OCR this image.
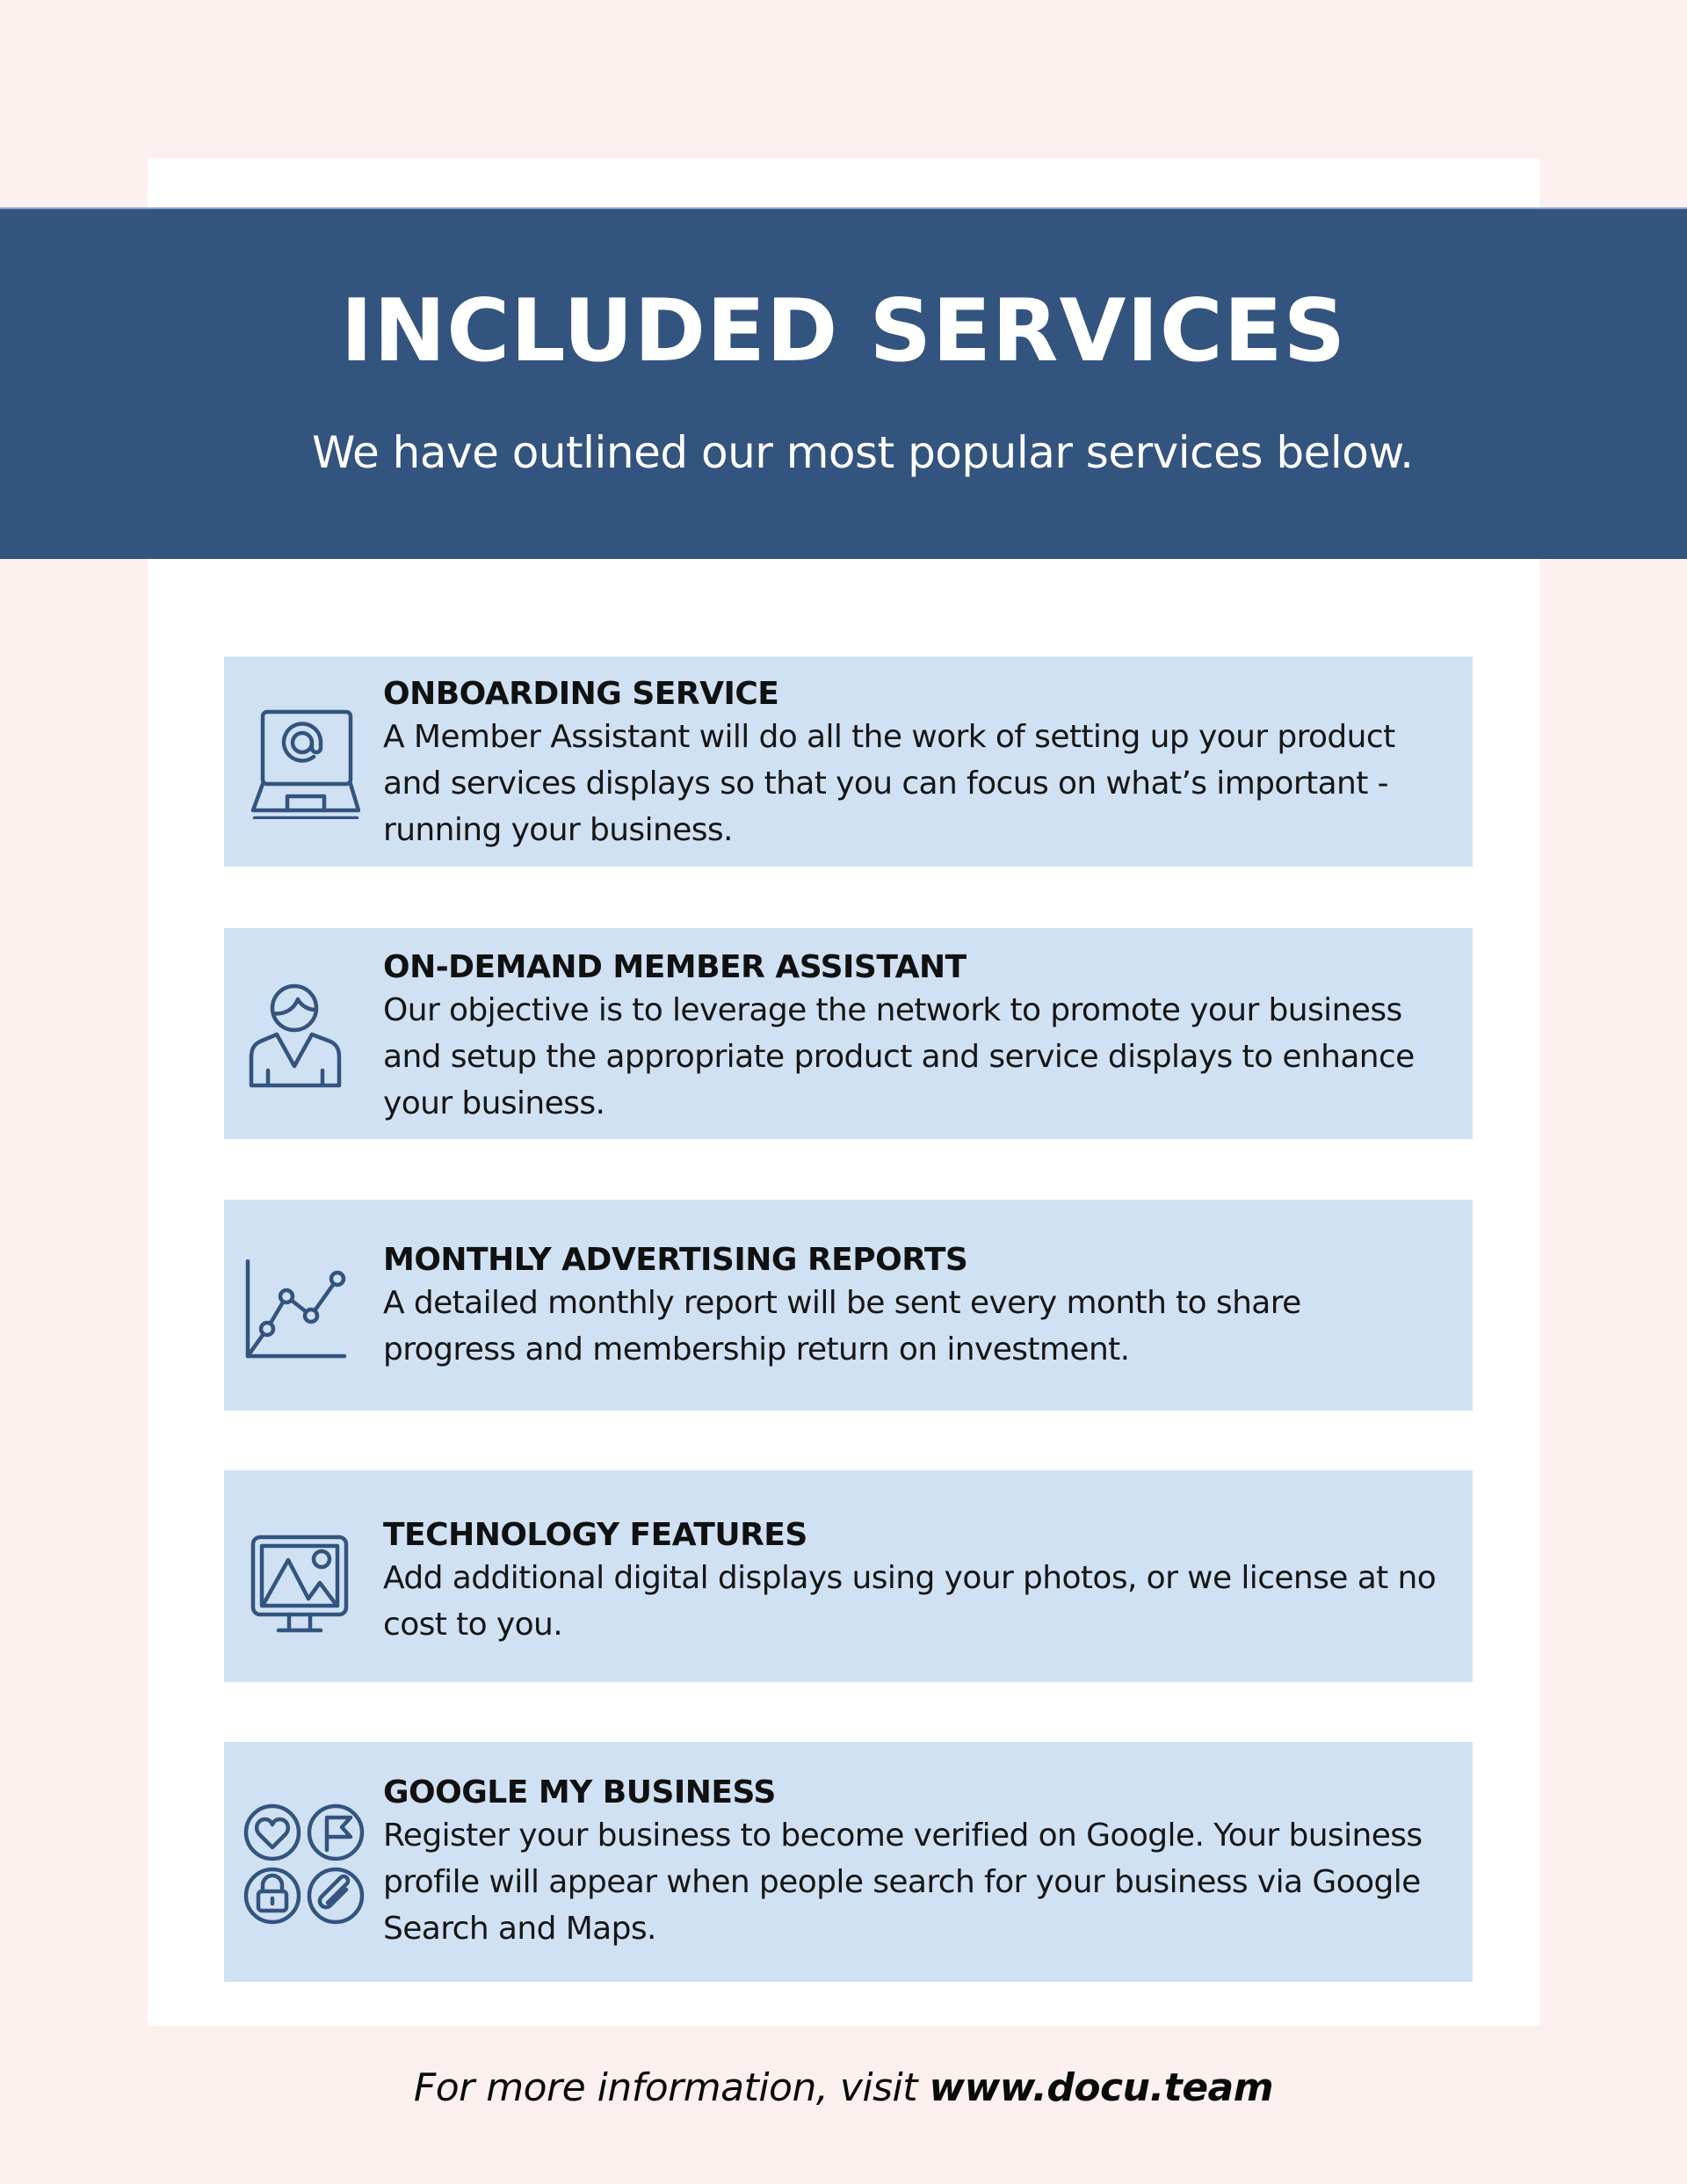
INCLUDED SERVICES
We have outlined our most popular services below.
ONBOARDING SERVICE
A Member Assistant will do all the work of setting up your product and services displays so that you can focus on what’s important - running your business.
ON-DEMAND MEMBER ASSISTANT
Our objective is to leverage the network to promote your business and setup the appropriate product and service displays to enhance your business.
MONTHLY ADVERTISING REPORTS
A detailed monthly report will be sent every month to share progress and membership return on investment.
TECHNOLOGY FEATURES
Add additional digital displays using your photos, or we license at no cost to you.
GOOGLE MY BUSINESS
Register your business to become verified on Google. Your business profile will appear when people search for your business via Google Search and Maps.
For more information, visit www.docu.team
